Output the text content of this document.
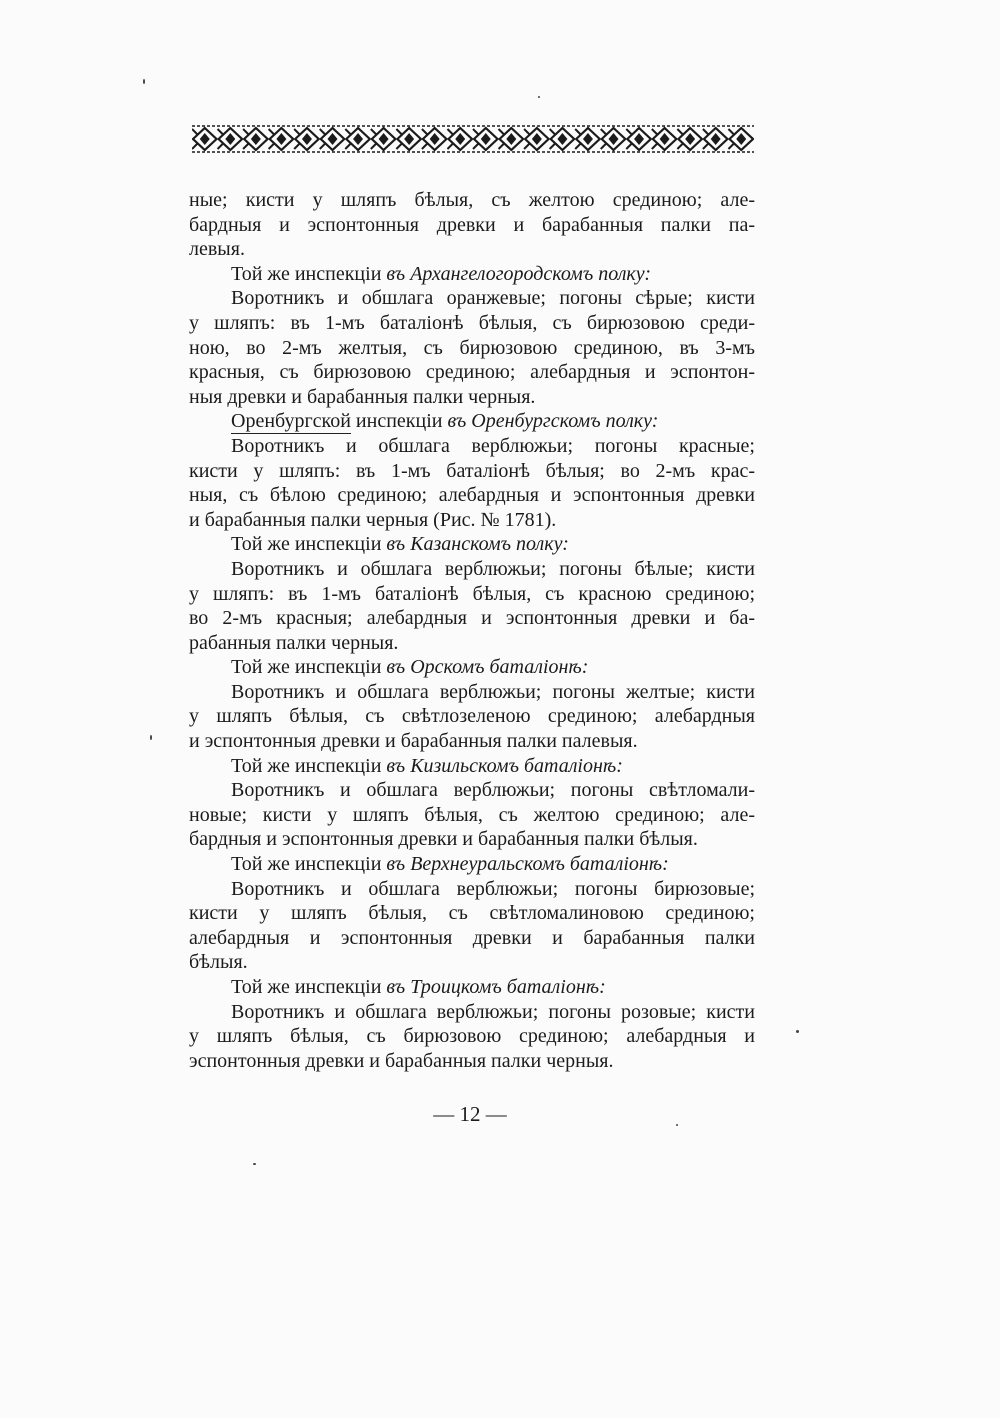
ные; кисти у шляпъ бѣлыя, съ желтою срединою; але-
бардныя и эспонтонныя древки и барабанныя палки па-
левыя.
Той же инспекціи въ Архангелогородскомъ полку:
Воротникъ и обшлага оранжевые; погоны сѣрые; кисти
у шляпъ: въ 1-мъ баталіонѣ бѣлыя, съ бирюзовою среди-
ною, во 2-мъ желтыя, съ бирюзовою срединою, въ 3-мъ
красныя, съ бирюзовою срединою; алебардныя и эспонтон-
ныя древки и барабанныя палки черныя.
Оренбургской инспекціи въ Оренбургскомъ полку:
Воротникъ и обшлага верблюжьи; погоны красные;
кисти у шляпъ: въ 1-мъ баталіонѣ бѣлыя; во 2-мъ крас-
ныя, съ бѣлою срединою; алебардныя и эспонтонныя древки
и барабанныя палки черныя (Рис. № 1781).
Той же инспекціи въ Казанскомъ полку:
Воротникъ и обшлага верблюжьи; погоны бѣлые; кисти
у шляпъ: въ 1-мъ баталіонѣ бѣлыя, съ красною срединою;
во 2-мъ красныя; алебардныя и эспонтонныя древки и ба-
рабанныя палки черныя.
Той же инспекціи въ Орскомъ баталіонѣ:
Воротникъ и обшлага верблюжьи; погоны желтые; кисти
у шляпъ бѣлыя, съ свѣтлозеленою срединою; алебардныя
и эспонтонныя древки и барабанныя палки палевыя.
Той же инспекціи въ Кизильскомъ баталіонѣ:
Воротникъ и обшлага верблюжьи; погоны свѣтломали-
новые; кисти у шляпъ бѣлыя, съ желтою срединою; але-
бардныя и эспонтонныя древки и барабанныя палки бѣлыя.
Той же инспекціи въ Верхнеуральскомъ баталіонѣ:
Воротникъ и обшлага верблюжьи; погоны бирюзовые;
кисти у шляпъ бѣлыя, съ свѣтломалиновою срединою;
алебардныя и эспонтонныя древки и барабанныя палки
бѣлыя.
Той же инспекціи въ Троицкомъ баталіонѣ:
Воротникъ и обшлага верблюжьи; погоны розовые; кисти
у шляпъ бѣлыя, съ бирюзовою срединою; алебардныя и
эспонтонныя древки и барабанныя палки черныя.
— 12 —
